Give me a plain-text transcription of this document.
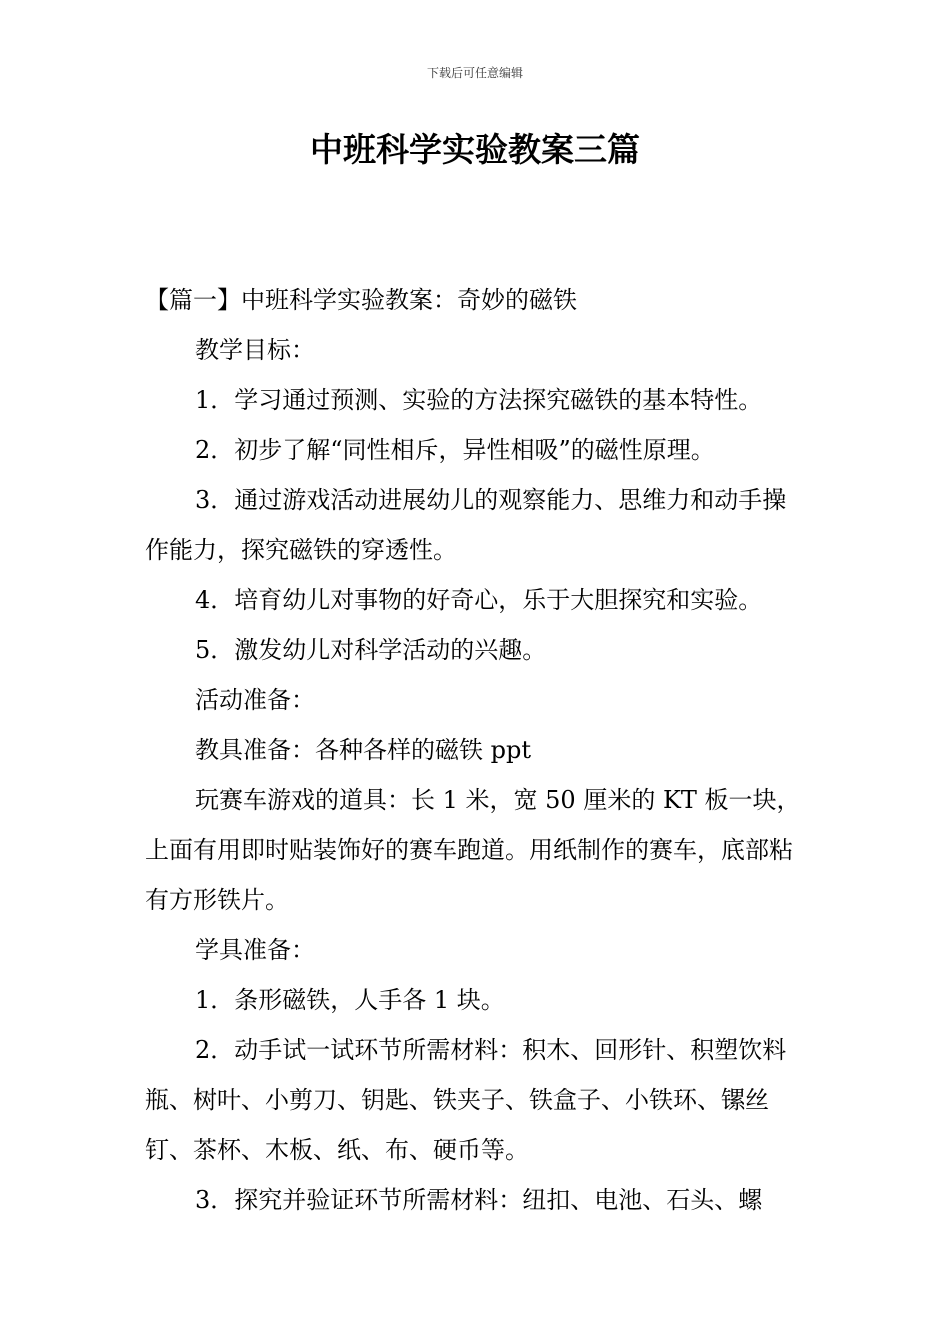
下载后可任意编辑
中班科学实验教案三篇

【篇一】中班科学实验教案：奇妙的磁铁

教学目标：

1．学习通过预测、实验的方法探究磁铁的基本特性。

2．初步了解“同性相斥，异性相吸”的磁性原理。

3．通过游戏活动进展幼儿的观察能力、思维力和动手操作能力，探究磁铁的穿透性。

4．培育幼儿对事物的好奇心，乐于大胆探究和实验。

5．激发幼儿对科学活动的兴趣。

活动准备：

教具准备：各种各样的磁铁 ppt

玩赛车游戏的道具：长 1 米，宽 50 厘米的 KT 板一块，上面有用即时贴装饰好的赛车跑道。用纸制作的赛车，底部粘有方形铁片。

学具准备：

1．条形磁铁，人手各 1 块。

2．动手试一试环节所需材料：积木、回形针、积塑饮料瓶、树叶、小剪刀、钥匙、铁夹子、铁盒子、小铁环、镙丝钉、茶杯、木板、纸、布、硬币等。

3．探究并验证环节所需材料：纽扣、电池、石头、螺
